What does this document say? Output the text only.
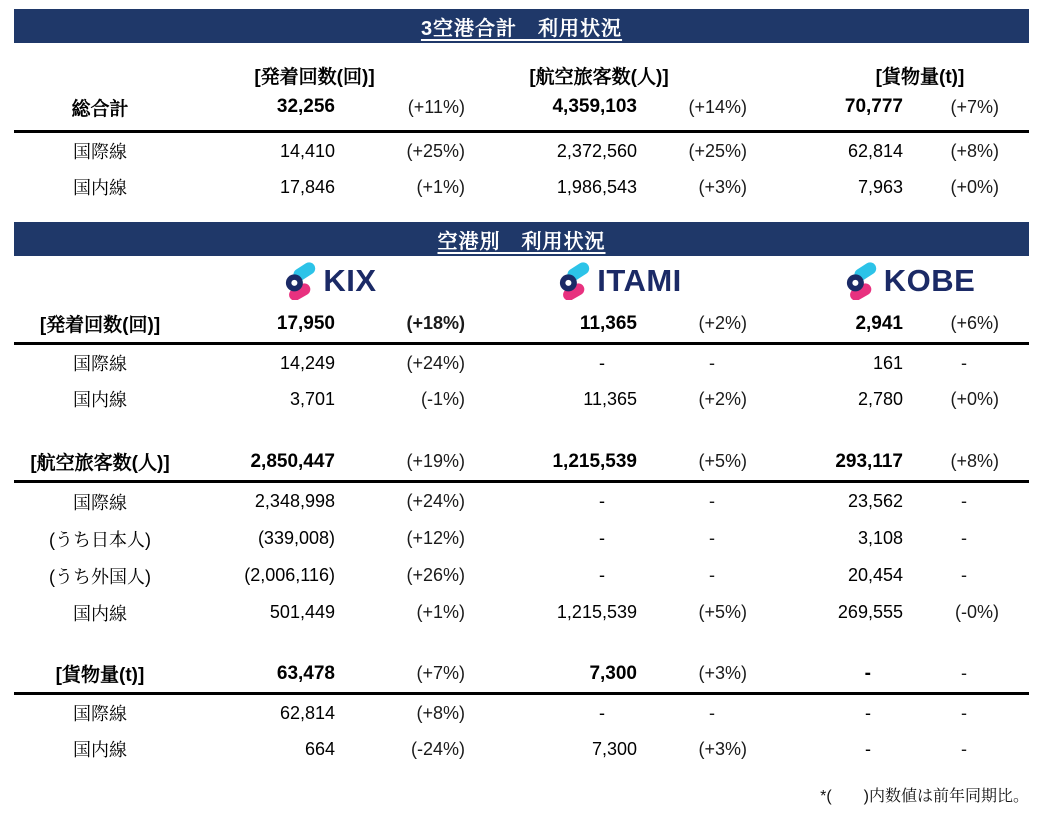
3空港合計　利用状況
[発着回数(回)]	[航空旅客数(人)]	[貨物量(t)]
総合計	32,256	(+11%)	4,359,103	(+14%)	70,777	(+7%)
国際線	14,410	(+25%)	2,372,560	(+25%)	62,814	(+8%)
国内線	17,846	(+1%)	1,986,543	(+3%)	7,963	(+0%)
空港別　利用状況
KIX	ITAMI	KOBE
[発着回数(回)]	17,950	(+18%)	11,365	(+2%)	2,941	(+6%)
国際線	14,249	(+24%)	-	-	161	-
国内線	3,701	(-1%)	11,365	(+2%)	2,780	(+0%)
[航空旅客数(人)]	2,850,447	(+19%)	1,215,539	(+5%)	293,117	(+8%)
国際線	2,348,998	(+24%)	-	-	23,562	-
(うち日本人)	(339,008)	(+12%)	-	-	3,108	-
(うち外国人)	(2,006,116)	(+26%)	-	-	20,454	-
国内線	501,449	(+1%)	1,215,539	(+5%)	269,555	(-0%)
[貨物量(t)]	63,478	(+7%)	7,300	(+3%)	-	-
国際線	62,814	(+8%)	-	-	-	-
国内線	664	(-24%)	7,300	(+3%)	-	-
*(　　)内数値は前年同期比。
